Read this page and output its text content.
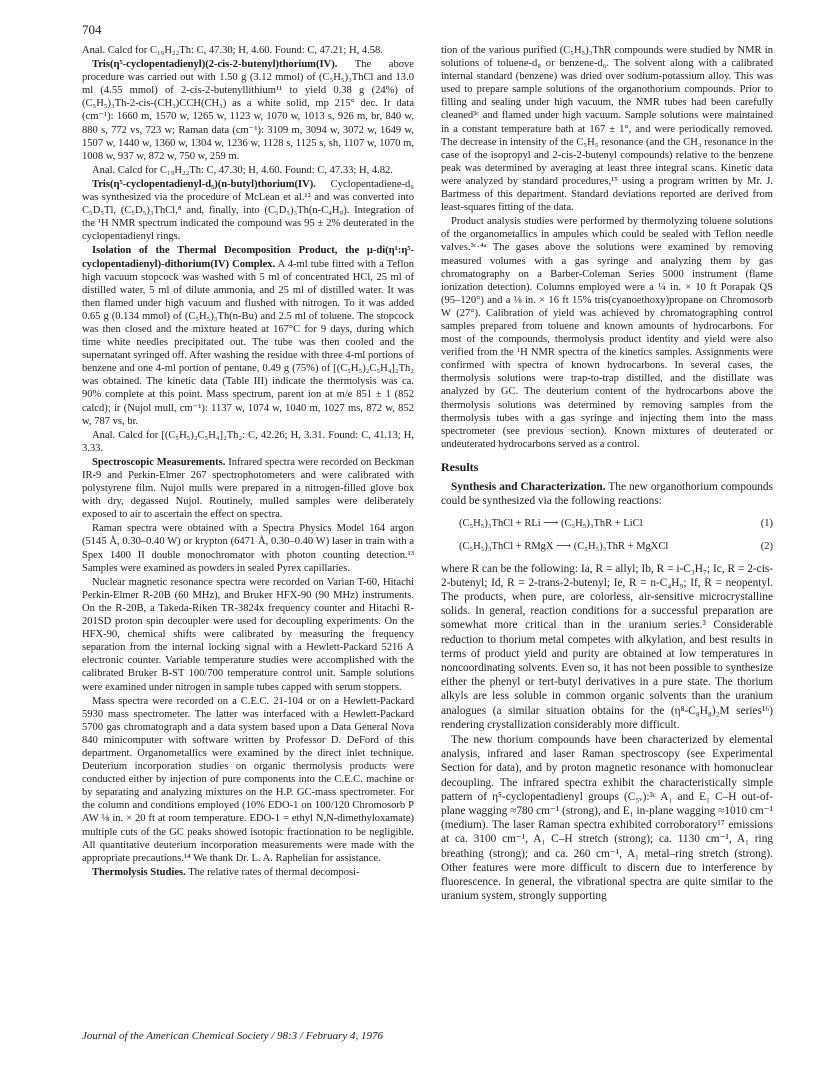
704

Anal. Calcd for C₁₉H₂₂Th: C, 47.30; H, 4.60. Found: C, 47.21; H, 4.58.

Tris(η⁵-cyclopentadienyl)(2-cis-2-butenyl)thorium(IV). The above procedure was carried out with 1.50 g (3.12 mmol) of (C₅H₅)₃ThCl and 13.0 ml (4.55 mmol) of 2-cis-2-butenyllithium¹¹ to yield 0.38 g (24%) of (C₅H₅)₃Th-2-cis-(CH₃)CCH(CH₃) as a white solid, mp 215° dec. Ir data (cm⁻¹): 1660 m, 1570 w, 1265 w, 1123 w, 1070 w, 1013 s, 926 m, br, 840 w, 880 s, 772 vs, 723 w; Raman data (cm⁻¹): 3109 m, 3094 w, 3072 w, 1649 w, 1507 w, 1440 w, 1360 w, 1304 w, 1236 w, 1128 s, 1125 s, sh, 1107 w, 1070 m, 1008 w, 937 w, 872 w, 750 w, 259 m.

Anal. Calcd for C₁₉H₂₂Th: C, 47.30; H, 4.60. Found: C, 47.33; H, 4.82.

Tris(η⁵-cyclopentadienyl-d₅)(n-butyl)thorium(IV). Cyclopentadiene-d₆ was synthesized via the procedure of McLean et al.¹² and was converted into C₅D₅Tl, (C₅D₅)₃ThCl,⁸ and, finally, into (C₅D₅)₃Th(n-C₄H₉). Integration of the ¹H NMR spectrum indicated the compound was 95 ± 2% deuterated in the cyclopentadienyl rings.

Isolation of the Thermal Decomposition Product, the μ-di(η¹:η⁵-cyclopentadienyl)-dithorium(IV) Complex. A 4-ml tube fitted with a Teflon high vacuum stopcock was washed with 5 ml of concentrated HCl, 25 ml of distilled water, 5 ml of dilute ammonia, and 25 ml of distilled water. It was then flamed under high vacuum and flushed with nitrogen. To it was added 0.65 g (0.134 mmol) of (C₅H₅)₃Th(n-Bu) and 2.5 ml of toluene. The stopcock was then closed and the mixture heated at 167°C for 9 days, during which time white needles precipitated out. The tube was then cooled and the supernatant syringed off. After washing the residue with three 4-ml portions of benzene and one 4-ml portion of pentane, 0.49 g (75%) of [(C₅H₅)₂C₅H₄]₂Th₂ was obtained. The kinetic data (Table III) indicate the thermolysis was ca. 90% complete at this point. Mass spectrum, parent ion at m/e 851 ± 1 (852 calcd); ir (Nujol mull, cm⁻¹): 1137 w, 1074 w, 1040 m, 1027 ms, 872 w, 852 w, 787 vs, br.

Anal. Calcd for [(C₅H₅)₂C₅H₄]₂Th₂: C, 42.26; H, 3.31. Found: C, 41.13; H, 3.33.

Spectroscopic Measurements. Infrared spectra were recorded on Beckman IR-9 and Perkin-Elmer 267 spectrophotometers and were calibrated with polystyrene film. Nujol mulls were prepared in a nitrogen-filled glove box with dry, degassed Nujol. Routinely, mulled samples were deliberately exposed to air to ascertain the effect on spectra.

Raman spectra were obtained with a Spectra Physics Model 164 argon (5145 Å, 0.30–0.40 W) or krypton (6471 Å, 0.30–0.40 W) laser in train with a Spex 1400 II double monochromator with photon counting detection.¹³ Samples were examined as powders in sealed Pyrex capillaries.

Nuclear magnetic resonance spectra were recorded on Varian T-60, Hitachi Perkin-Elmer R-20B (60 MHz), and Bruker HFX-90 (90 MHz) instruments. On the R-20B, a Takeda-Riken TR-3824x frequency counter and Hitachi R-201SD proton spin decoupler were used for decoupling experiments. On the HFX-90, chemical shifts were calibrated by measuring the frequency separation from the internal locking signal with a Hewlett-Packard 5216 A electronic counter. Variable temperature studies were accomplished with the calibrated Bruker B-ST 100/700 temperature control unit. Sample solutions were examined under nitrogen in sample tubes capped with serum stoppers.

Mass spectra were recorded on a C.E.C. 21-104 or on a Hewlett-Packard 5930 mass spectrometer. The latter was interfaced with a Hewlett-Packard 5700 gas chromatograph and a data system based upon a Data General Nova 840 minicomputer with software written by Professor D. DeFord of this department. Organometallics were examined by the direct inlet technique. Deuterium incorporation studies on organic thermolysis products were conducted either by injection of pure components into the C.E.C. machine or by separating and analyzing mixtures on the H.P. GC-mass spectrometer. For the column and conditions employed (10% EDO-1 on 100/120 Chromosorb P AW ⅛ in. × 20 ft at room temperature. EDO-1 = ethyl N,N-dimethyloxamate) multiple cuts of the GC peaks showed isotopic fractionation to be negligible. All quantitative deuterium incorporation measurements were made with the appropriate precautions.¹⁴ We thank Dr. L. A. Raphelian for assistance.

Thermolysis Studies. The relative rates of thermal decomposi-

tion of the various purified (C₅H₅)₃ThR compounds were studied by NMR in solutions of toluene-d₈ or benzene-d₆. The solvent along with a calibrated internal standard (benzene) was dried over sodium-potassium alloy. This was used to prepare sample solutions of the organothorium compounds. Prior to filling and sealing under high vacuum, the NMR tubes had been carefully cleaned³ᶜ and flamed under high vacuum. Sample solutions were maintained in a constant temperature bath at 167 ± 1°, and were periodically removed. The decrease in intensity of the C₅H₅ resonance (and the CH₃ resonance in the case of the isopropyl and 2-cis-2-butenyl compounds) relative to the benzene peak was determined by averaging at least three integral scans. Kinetic data were analyzed by standard procedures,¹⁵ using a program written by Mr. J. Bartmess of this department. Standard deviations reported are derived from least-squares fitting of the data.

Product analysis studies were performed by thermolyzing toluene solutions of the organometallics in ampules which could be sealed with Teflon needle valves.³ᶜ·⁴ᵃ The gases above the solutions were examined by removing measured volumes with a gas syringe and analyzing them by gas chromatography on a Barber-Coleman Series 5000 instrument (flame ionization detection). Columns employed were a ¼ in. × 10 ft Porapak QS (95–120°) and a ⅛ in. × 16 ft 15% tris(cyanoethoxy)propane on Chromosorb W (27°). Calibration of yield was achieved by chromatographing control samples prepared from toluene and known amounts of hydrocarbons. For most of the compounds, thermolysis product identity and yield were also verified from the ¹H NMR spectra of the kinetics samples. Assignments were confirmed with spectra of known hydrocarbons. In several cases, the thermolysis solutions were trap-to-trap distilled, and the distillate was analyzed by GC. The deuterium content of the hydrocarbons above the thermolysis solutions was determined by removing samples from the thermolysis tubes with a gas syringe and injecting them into the mass spectrometer (see previous section). Known mixtures of deuterated or undeuterated hydrocarbons served as a control.

Results

Synthesis and Characterization. The new organothorium compounds could be synthesized via the following reactions:

(C₅H₅)₃ThCl + RLi ⟶ (C₅H₅)₃ThR + LiCl	(1)
(C₅H₅)₃ThCl + RMgX ⟶ (C₅H₅)₃ThR + MgXCl	(2)

where R can be the following: Ia, R = allyl; Ib, R = i-C₃H₇; Ic, R = 2-cis-2-butenyl; Id, R = 2-trans-2-butenyl; Ie, R = n-C₄H₉; If, R = neopentyl. The products, when pure, are colorless, air-sensitive microcrystalline solids. In general, reaction conditions for a successful preparation are somewhat more critical than in the uranium series.³ Considerable reduction to thorium metal competes with alkylation, and best results in terms of product yield and purity are obtained at low temperatures in noncoordinating solvents. Even so, it has not been possible to synthesize either the phenyl or tert-butyl derivatives in a pure state. The thorium alkyls are less soluble in common organic solvents than the uranium analogues (a similar situation obtains for the (η⁸-C₈H₈)₂M series¹⁶) rendering crystallization considerably more difficult.

The new thorium compounds have been characterized by elemental analysis, infrared and laser Raman spectroscopy (see Experimental Section for data), and by proton magnetic resonance with homonuclear decoupling. The infrared spectra exhibit the characteristically simple pattern of η⁵-cyclopentadienyl groups (C₅ᵥ):³ᶜ A₁ and E₁ C–H out-of-plane wagging ≈780 cm⁻¹ (strong), and E₁ in-plane wagging ≈1010 cm⁻¹ (medium). The laser Raman spectra exhibited corroboratory¹⁷ emissions at ca. 3100 cm⁻¹, A₁ C–H stretch (strong); ca. 1130 cm⁻¹, A₁ ring breathing (strong); and ca. 260 cm⁻¹, A₁ metal–ring stretch (strong). Other features were more difficult to discern due to interference by fluorescence. In general, the vibrational spectra are quite similar to the uranium system, strongly supporting

Journal of the American Chemical Society / 98:3 / February 4, 1976
